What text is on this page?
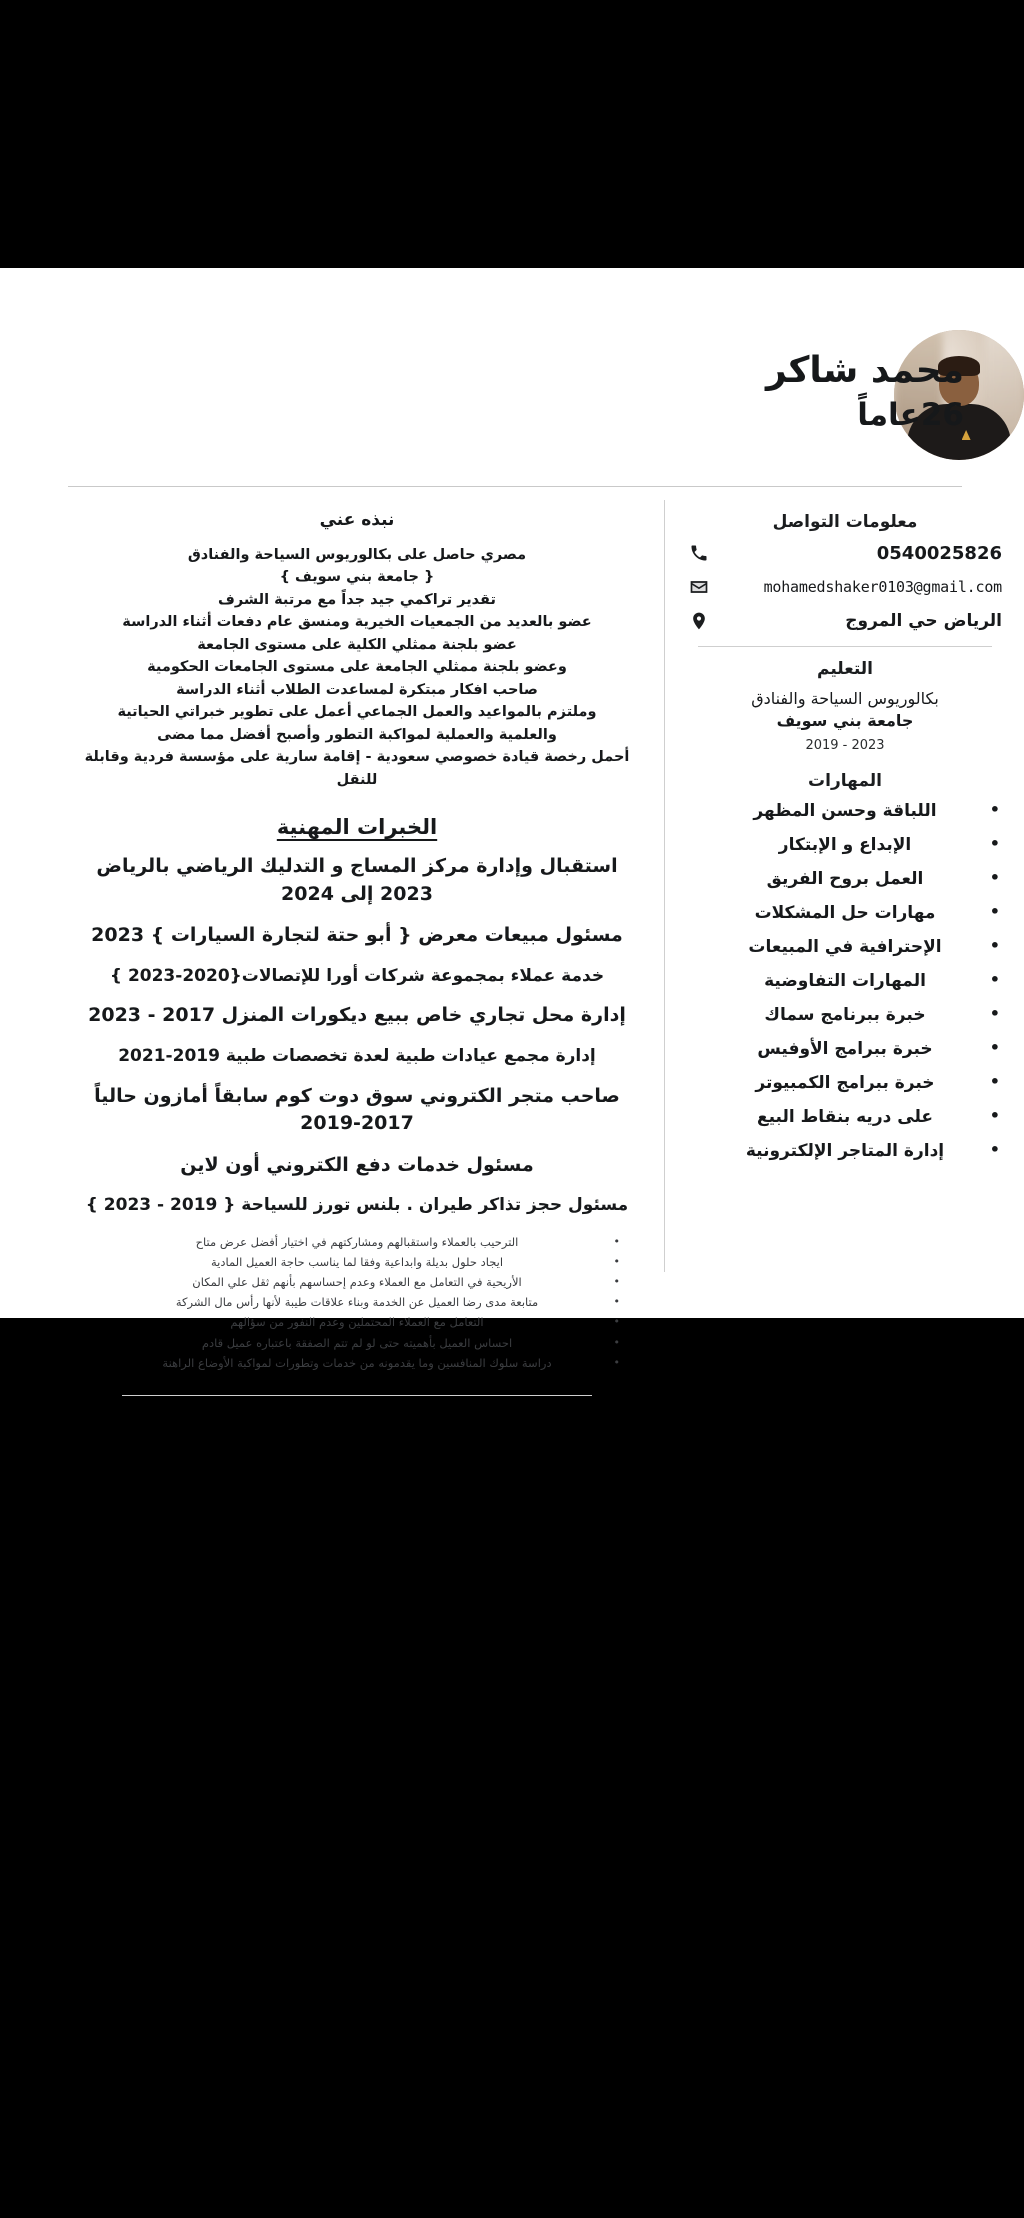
محمد شاكر
26عاماً
معلومات التواصل
0540025826
mohamedshaker0103@gmail.com
الرياض حي المروج
التعليم
بكالوريوس السياحة والفنادق
جامعة بني سويف
2019 - 2023
المهارات
اللباقة وحسن المظهر •
الإبداع و الإبتكار •
العمل بروح الفريق •
مهارات حل المشكلات •
الإحترافية في المبيعات •
المهارات التفاوضية •
خبرة ببرنامج سماك •
خبرة ببرامج الأوفيس •
خبرة ببرامج الكمبيوتر •
على دريه بنقاط البيع •
إدارة المتاجر الإلكترونية •
نبذه عني
مصري حاصل على بكالوريوس السياحة والفنادق
{ جامعة بني سويف }
تقدير تراكمي جيد جداً مع مرتبة الشرف
عضو بالعديد من الجمعيات الخيرية ومنسق عام دفعات أثناء الدراسة
عضو بلجنة ممثلي الكلية على مستوى الجامعة
وعضو بلجنة ممثلي الجامعة على مستوى الجامعات الحكومية
صاحب افكار مبتكرة لمساعدت الطلاب أثناء الدراسة
وملتزم بالمواعيد والعمل الجماعي أعمل على تطوير خبراتي الحياتية
والعلمية والعملية لمواكبة التطور وأصبح أفضل مما مضى
أحمل رخصة قيادة خصوصي سعودية - إقامة سارية على مؤسسة فردية وقابلة للنقل
الخبرات المهنية
استقبال وإدارة مركز المساج و التدليك الرياضي بالرياض
2023 إلى 2024
مسئول مبيعات معرض { أبو حتة لتجارة السيارات } 2023
خدمة عملاء بمجموعة شركات أورا للإتصالات{2020-2023 }
إدارة محل تجاري خاص ببيع ديكورات المنزل 2017 - 2023
إدارة مجمع عيادات طبية لعدة تخصصات طبية 2019-2021
صاحب متجر الكتروني سوق دوت كوم سابقاً أمازون حالياً
2019-2017
مسئول خدمات دفع الكتروني أون لاين
مسئول حجز تذاكر طيران . بلنس تورز للسياحة { 2019 - 2023 }
الترحيب بالعملاء واستقبالهم ومشاركتهم في اختيار أفضل عرض متاح •
ايجاد حلول بديلة وابداعية وفقا لما يناسب حاجة العميل المادية •
الأريحية في التعامل مع العملاء وعدم إحساسهم بأنهم ثقل علي المكان •
متابعة مدى رضا العميل عن الخدمة وبناء علاقات طيبة لأنها رأس مال الشركة •
التعامل مع العملاء المحتملين وعدم النفور من سؤالهم •
احساس العميل بأهميته حتى لو لم تتم الصفقة باعتباره عميل قادم •
دراسة سلوك المنافسين وما يقدمونه من خدمات وتطورات لمواكبة الأوضاع الراهنة •
